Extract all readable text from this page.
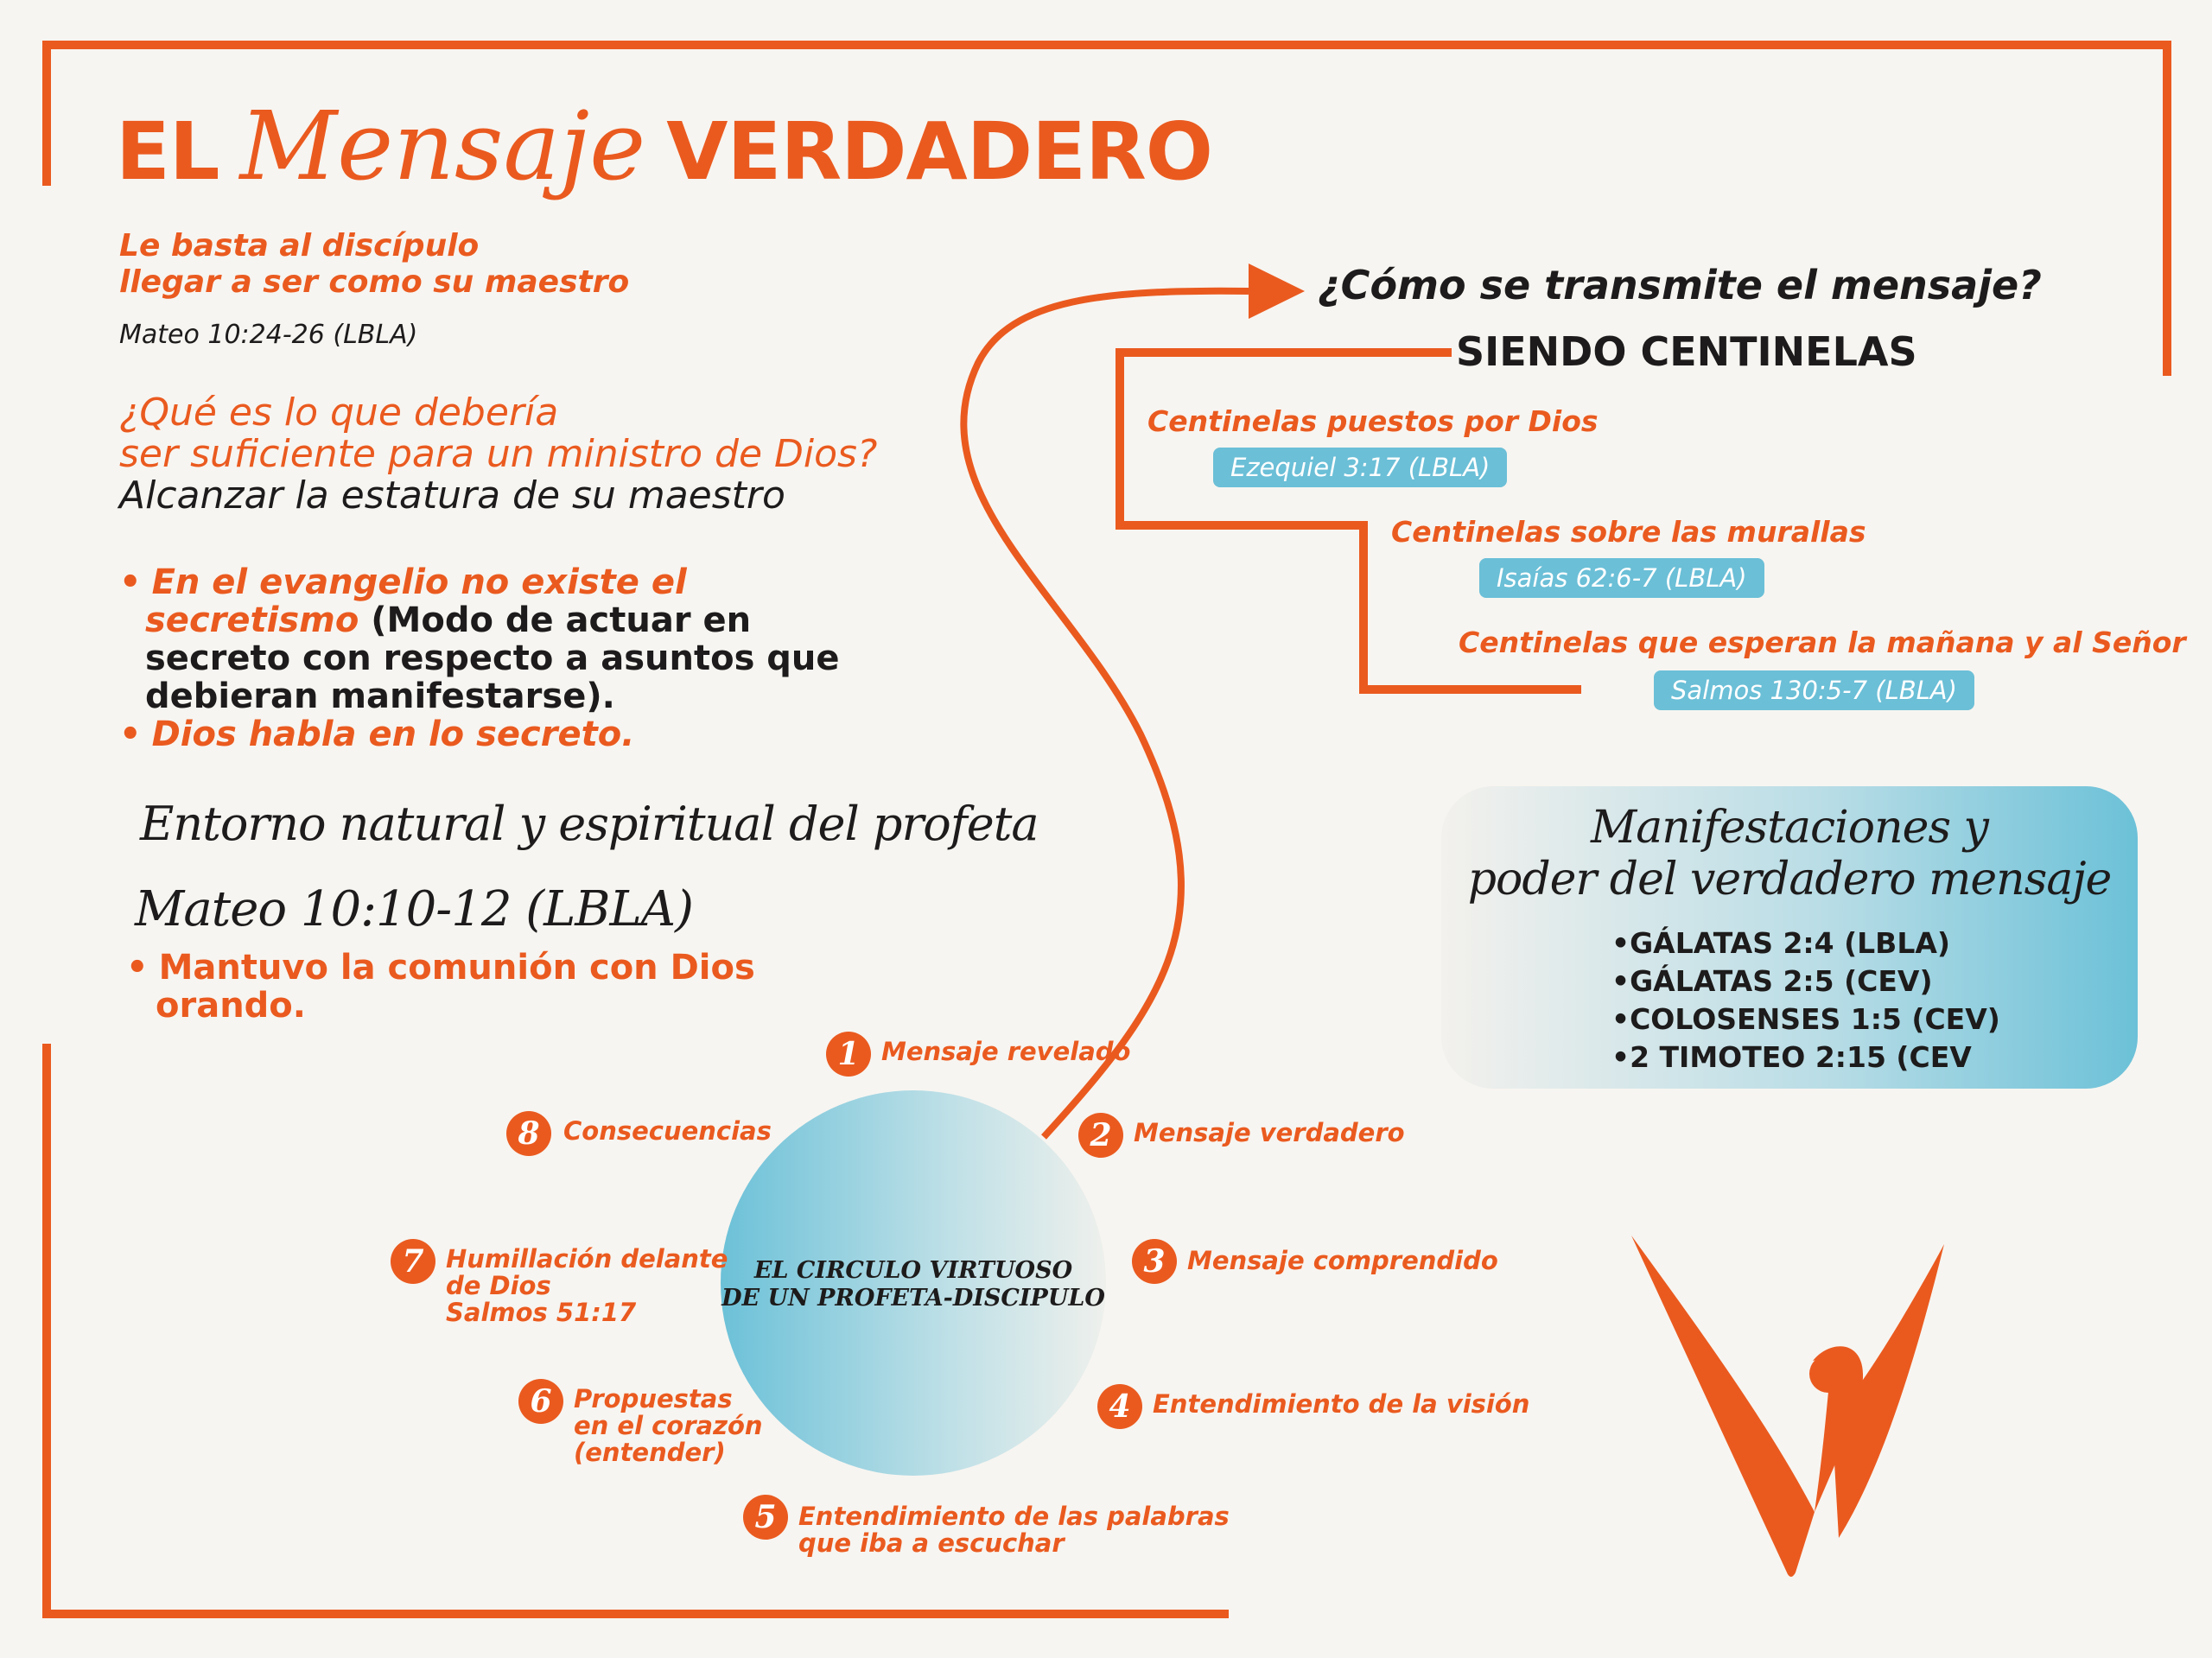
EL Mensaje VERDADERO
Le basta al discípulo
llegar a ser como su maestro
Mateo 10:24-26 (LBLA)
¿Qué es lo que debería
ser suficiente para un ministro de Dios?
Alcanzar la estatura de su maestro
• En el evangelio no existe el
secretismo (Modo de actuar en
secreto con respecto a asuntos que
debieran manifestarse).
• Dios habla en lo secreto.
Entorno natural y espiritual del profeta
Mateo 10:10-12 (LBLA)
• Mantuvo la comunión con Dios
orando.
¿Cómo se transmite el mensaje?
SIENDO CENTINELAS
Centinelas puestos por Dios
Ezequiel 3:17 (LBLA)
Centinelas sobre las murallas
Isaías 62:6-7 (LBLA)
Centinelas que esperan la mañana y al Señor
Salmos 130:5-7 (LBLA)
Manifestaciones y
poder del verdadero mensaje
•GÁLATAS 2:4 (LBLA)
•GÁLATAS 2:5 (CEV)
•COLOSENSES 1:5 (CEV)
•2 TIMOTEO 2:15 (CEV
EL CIRCULO VIRTUOSO
DE UN PROFETA-DISCIPULO
1 Mensaje revelado
2 Mensaje verdadero
3 Mensaje comprendido
4 Entendimiento de la visión
5 Entendimiento de las palabras
que iba a escuchar
6 Propuestas
en el corazón
(entender)
7 Humillación delante
de Dios
Salmos 51:17
8 Consecuencias
